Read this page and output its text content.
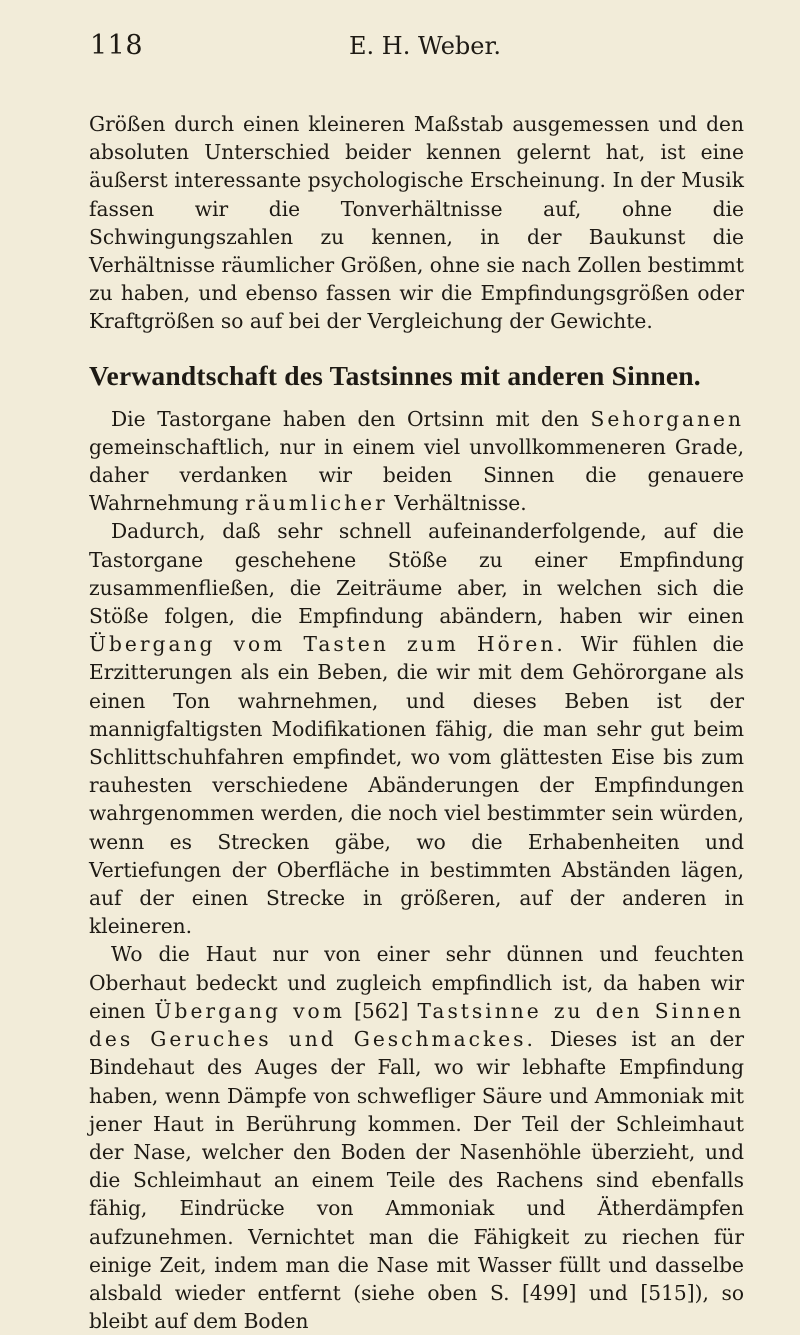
118	E. H. Weber.

Größen durch einen kleineren Maßstab ausgemessen und den absoluten Unterschied beider kennen gelernt hat, ist eine äußerst interessante psychologische Erscheinung. In der Musik fassen wir die Tonverhältnisse auf, ohne die Schwingungszahlen zu kennen, in der Baukunst die Verhältnisse räumlicher Größen, ohne sie nach Zollen bestimmt zu haben, und ebenso fassen wir die Empfindungsgrößen oder Kraftgrößen so auf bei der Vergleichung der Gewichte.

Verwandtschaft des Tastsinnes mit anderen Sinnen.

Die Tastorgane haben den Ortsinn mit den Sehorganen gemeinschaftlich, nur in einem viel unvollkommeneren Grade, daher verdanken wir beiden Sinnen die genauere Wahrnehmung räumlicher Verhältnisse.

Dadurch, daß sehr schnell aufeinanderfolgende, auf die Tastorgane geschehene Stöße zu einer Empfindung zusammenfließen, die Zeiträume aber, in welchen sich die Stöße folgen, die Empfindung abändern, haben wir einen Übergang vom Tasten zum Hören. Wir fühlen die Erzitterungen als ein Beben, die wir mit dem Gehörorgane als einen Ton wahrnehmen, und dieses Beben ist der mannigfaltigsten Modifikationen fähig, die man sehr gut beim Schlittschuhfahren empfindet, wo vom glättesten Eise bis zum rauhesten verschiedene Abänderungen der Empfindungen wahrgenommen werden, die noch viel bestimmter sein würden, wenn es Strecken gäbe, wo die Erhabenheiten und Vertiefungen der Oberfläche in bestimmten Abständen lägen, auf der einen Strecke in größeren, auf der anderen in kleineren.

Wo die Haut nur von einer sehr dünnen und feuchten Oberhaut bedeckt und zugleich empfindlich ist, da haben wir einen Übergang vom [562] Tastsinne zu den Sinnen des Geruches und Geschmackes. Dieses ist an der Bindehaut des Auges der Fall, wo wir lebhafte Empfindung haben, wenn Dämpfe von schwefliger Säure und Ammoniak mit jener Haut in Berührung kommen. Der Teil der Schleimhaut der Nase, welcher den Boden der Nasenhöhle überzieht, und die Schleimhaut an einem Teile des Rachens sind ebenfalls fähig, Eindrücke von Ammoniak und Ätherdämpfen aufzunehmen. Vernichtet man die Fähigkeit zu riechen für einige Zeit, indem man die Nase mit Wasser füllt und dasselbe alsbald wieder entfernt (siehe oben S. [499] und [515]), so bleibt auf dem Boden
